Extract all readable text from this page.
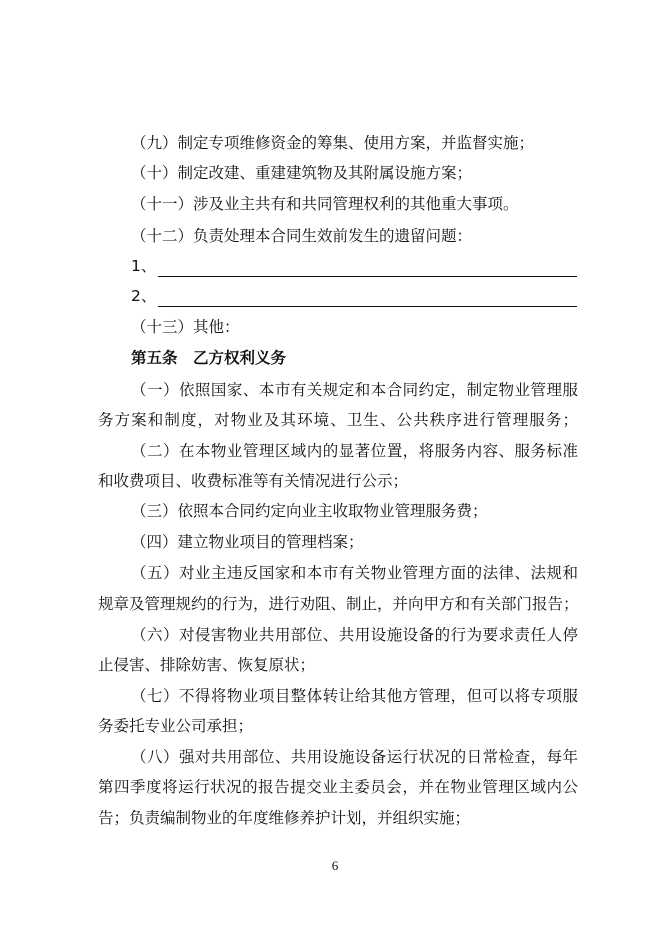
（九）制定专项维修资金的筹集、使用方案，并监督实施；
（十）制定改建、重建建筑物及其附属设施方案；
（十一）涉及业主共有和共同管理权利的其他重大事项。
（十二）负责处理本合同生效前发生的遗留问题：
1、
2、
（十三）其他：
第五条　乙方权利义务
（一）依照国家、本市有关规定和本合同约定，制定物业管理服
务方案和制度，对物业及其环境、卫生、公共秩序进行管理服务；
（二）在本物业管理区域内的显著位置，将服务内容、服务标准
和收费项目、收费标准等有关情况进行公示；
（三）依照本合同约定向业主收取物业管理服务费；
（四）建立物业项目的管理档案；
（五）对业主违反国家和本市有关物业管理方面的法律、法规和
规章及管理规约的行为，进行劝阻、制止，并向甲方和有关部门报告；
（六）对侵害物业共用部位、共用设施设备的行为要求责任人停
止侵害、排除妨害、恢复原状；
（七）不得将物业项目整体转让给其他方管理，但可以将专项服
务委托专业公司承担；
（八）强对共用部位、共用设施设备运行状况的日常检查，每年
第四季度将运行状况的报告提交业主委员会，并在物业管理区域内公
告；负责编制物业的年度维修养护计划，并组织实施；
6
